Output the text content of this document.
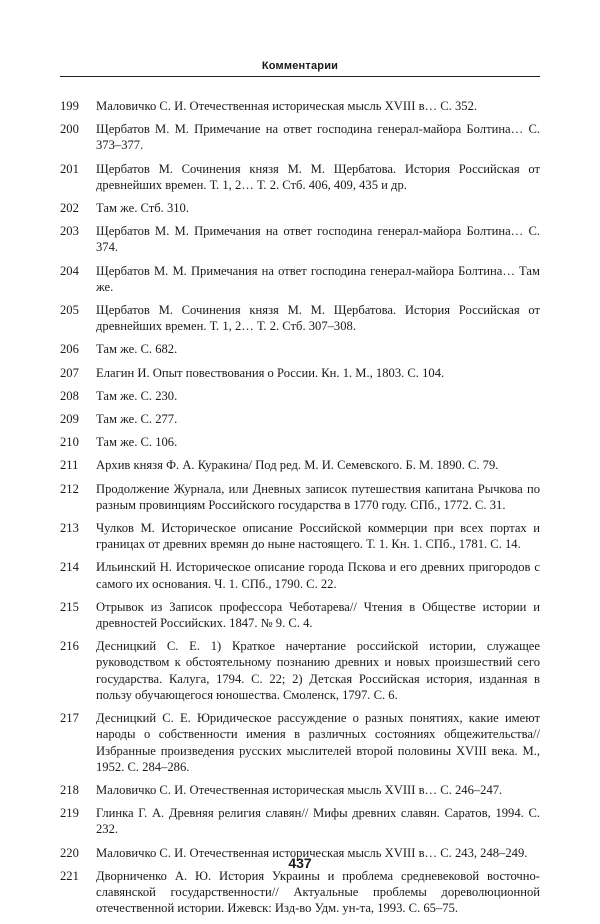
Комментарии
199	Маловичко С. И. Отечественная историческая мысль XVIII в… С. 352.
200	Щербатов М. М. Примечание на ответ господина генерал-майора Болтина… С. 373–377.
201	Щербатов М. Сочинения князя М. М. Щербатова. История Российская от древнейших времен. Т. 1, 2… Т. 2. Стб. 406, 409, 435 и др.
202	Там же. Стб. 310.
203	Щербатов М. М. Примечания на ответ господина генерал-майора Болтина… С. 374.
204	Щербатов М. М. Примечания на ответ господина генерал-майора Болтина… Там же.
205	Щербатов М. Сочинения князя М. М. Щербатова. История Российская от древнейших времен. Т. 1, 2… Т. 2. Стб. 307–308.
206	Там же. С. 682.
207	Елагин И. Опыт повествования о России. Кн. 1. М., 1803. С. 104.
208	Там же. С. 230.
209	Там же. С. 277.
210	Там же. С. 106.
211	Архив князя Ф. А. Куракина/ Под ред. М. И. Семевского. Б. М. 1890. С. 79.
212	Продолжение Журнала, или Дневных записок путешествия капитана Рычкова по разным провинциям Российского государства в 1770 году. СПб., 1772. С. 31.
213	Чулков М. Историческое описание Российской коммерции при всех портах и границах от древних времян до ныне настоящего. Т. 1. Кн. 1. СПб., 1781. С. 14.
214	Ильинский Н. Историческое описание города Пскова и его древних пригородов с самого их основания. Ч. 1. СПб., 1790. С. 22.
215	Отрывок из Записок профессора Чеботарева// Чтения в Обществе истории и древностей Российских. 1847. № 9. С. 4.
216	Десницкий С. Е. 1) Краткое начертание российской истории, служащее руководством к обстоятельному познанию древних и новых произшествий сего государства. Калуга, 1794. С. 22; 2) Детская Российская история, изданная в пользу обучающегося юношества. Смоленск, 1797. С. 6.
217	Десницкий С. Е. Юридическое рассуждение о разных понятиях, какие имеют народы о собственности имения в различных состояниях общежительства// Избранные произведения русских мыслителей второй половины XVIII века. М., 1952. С. 284–286.
218	Маловичко С. И. Отечественная историческая мысль XVIII в… С. 246–247.
219	Глинка Г. А. Древняя религия славян// Мифы древних славян. Саратов, 1994. С. 232.
220	Маловичко С. И. Отечественная историческая мысль XVIII в… С. 243, 248–249.
221	Дворниченко А. Ю. История Украины и проблема средневековой восточно-славянской государственности// Актуальные проблемы дореволюционной отечественной истории. Ижевск: Изд-во Удм. ун-та, 1993. С. 65–75.
437
